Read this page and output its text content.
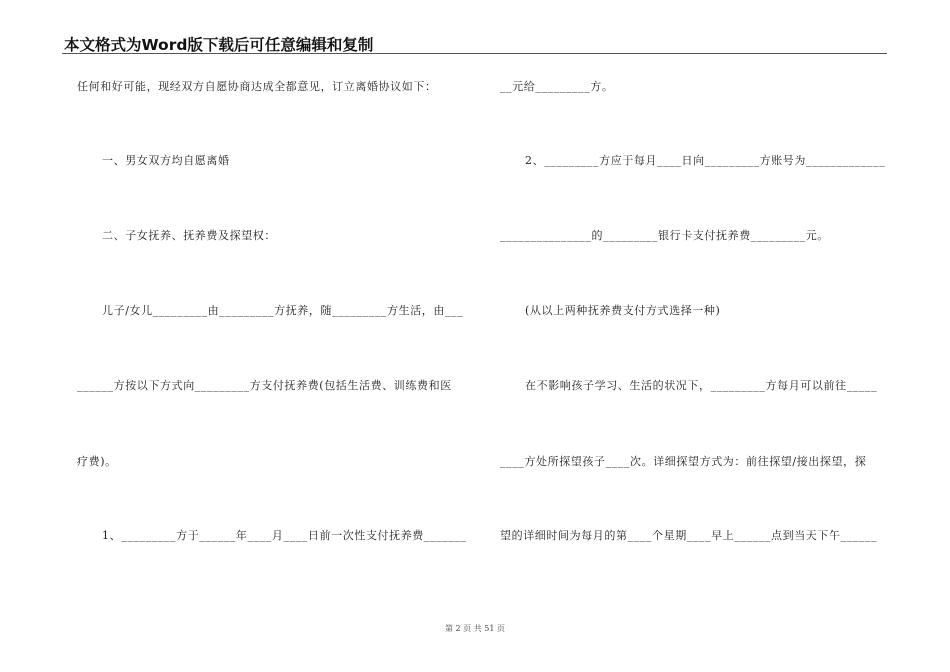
本文格式为Word版下载后可任意编辑和复制
任何和好可能，现经双方自愿协商达成全都意见，订立离婚协议如下：
一、男女双方均自愿离婚
二、子女抚养、抚养费及探望权：
儿子/女儿_________由_________方抚养，随_________方生活，由___
______方按以下方式向_________方支付抚养费(包括生活费、训练费和医
疗费)。
1、_________方于______年____月____日前一次性支付抚养费_______
__元给_________方。
2、_________方应于每月____日向_________方账号为_____________
_______________的_________银行卡支付抚养费_________元。
(从以上两种抚养费支付方式选择一种)
在不影响孩子学习、生活的状况下，_________方每月可以前往_____
____方处所探望孩子____次。详细探望方式为：前往探望/接出探望，探
望的详细时间为每月的第____个星期____早上______点到当天下午______
第 2 页 共 51 页
